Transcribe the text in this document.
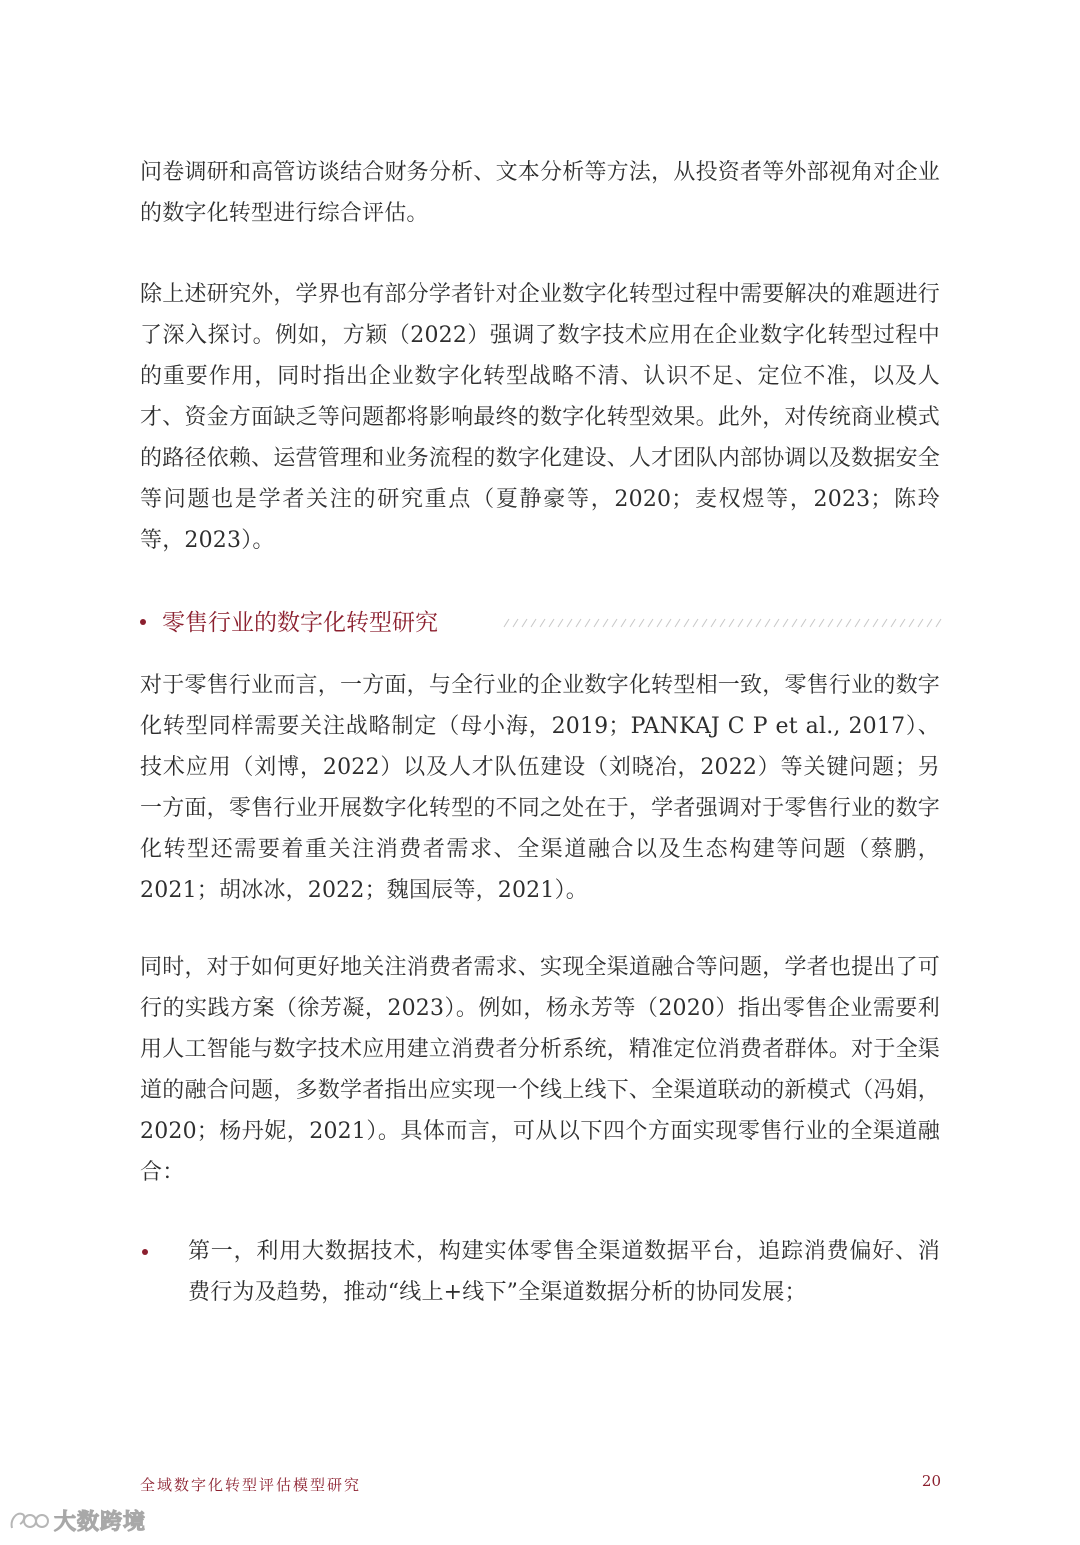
问卷调研和高管访谈结合财务分析、文本分析等方法，从投资者等外部视角对企业的数字化转型进行综合评估。

除上述研究外，学界也有部分学者针对企业数字化转型过程中需要解决的难题进行了深入探讨。例如，方颖（2022）强调了数字技术应用在企业数字化转型过程中的重要作用，同时指出企业数字化转型战略不清、认识不足、定位不准，以及人才、资金方面缺乏等问题都将影响最终的数字化转型效果。此外，对传统商业模式的路径依赖、运营管理和业务流程的数字化建设、人才团队内部协调以及数据安全等问题也是学者关注的研究重点（夏静豪等，2020；麦权煜等，2023；陈玲等，2023）。

零售行业的数字化转型研究

对于零售行业而言，一方面，与全行业的企业数字化转型相一致，零售行业的数字化转型同样需要关注战略制定（母小海，2019；PANKAJ C P et al., 2017）、技术应用（刘博，2022）以及人才队伍建设（刘晓冶，2022）等关键问题；另一方面，零售行业开展数字化转型的不同之处在于，学者强调对于零售行业的数字化转型还需要着重关注消费者需求、全渠道融合以及生态构建等问题（蔡鹏，2021；胡冰冰，2022；魏国辰等，2021）。

同时，对于如何更好地关注消费者需求、实现全渠道融合等问题，学者也提出了可行的实践方案（徐芳凝，2023）。例如，杨永芳等（2020）指出零售企业需要利用人工智能与数字技术应用建立消费者分析系统，精准定位消费者群体。对于全渠道的融合问题，多数学者指出应实现一个线上线下、全渠道联动的新模式（冯娟，2020；杨丹妮，2021）。具体而言，可从以下四个方面实现零售行业的全渠道融合：

第一，利用大数据技术，构建实体零售全渠道数据平台，追踪消费偏好、消费行为及趋势，推动“线上+线下”全渠道数据分析的协同发展；
全域数字化转型评估模型研究	20
大数跨境
